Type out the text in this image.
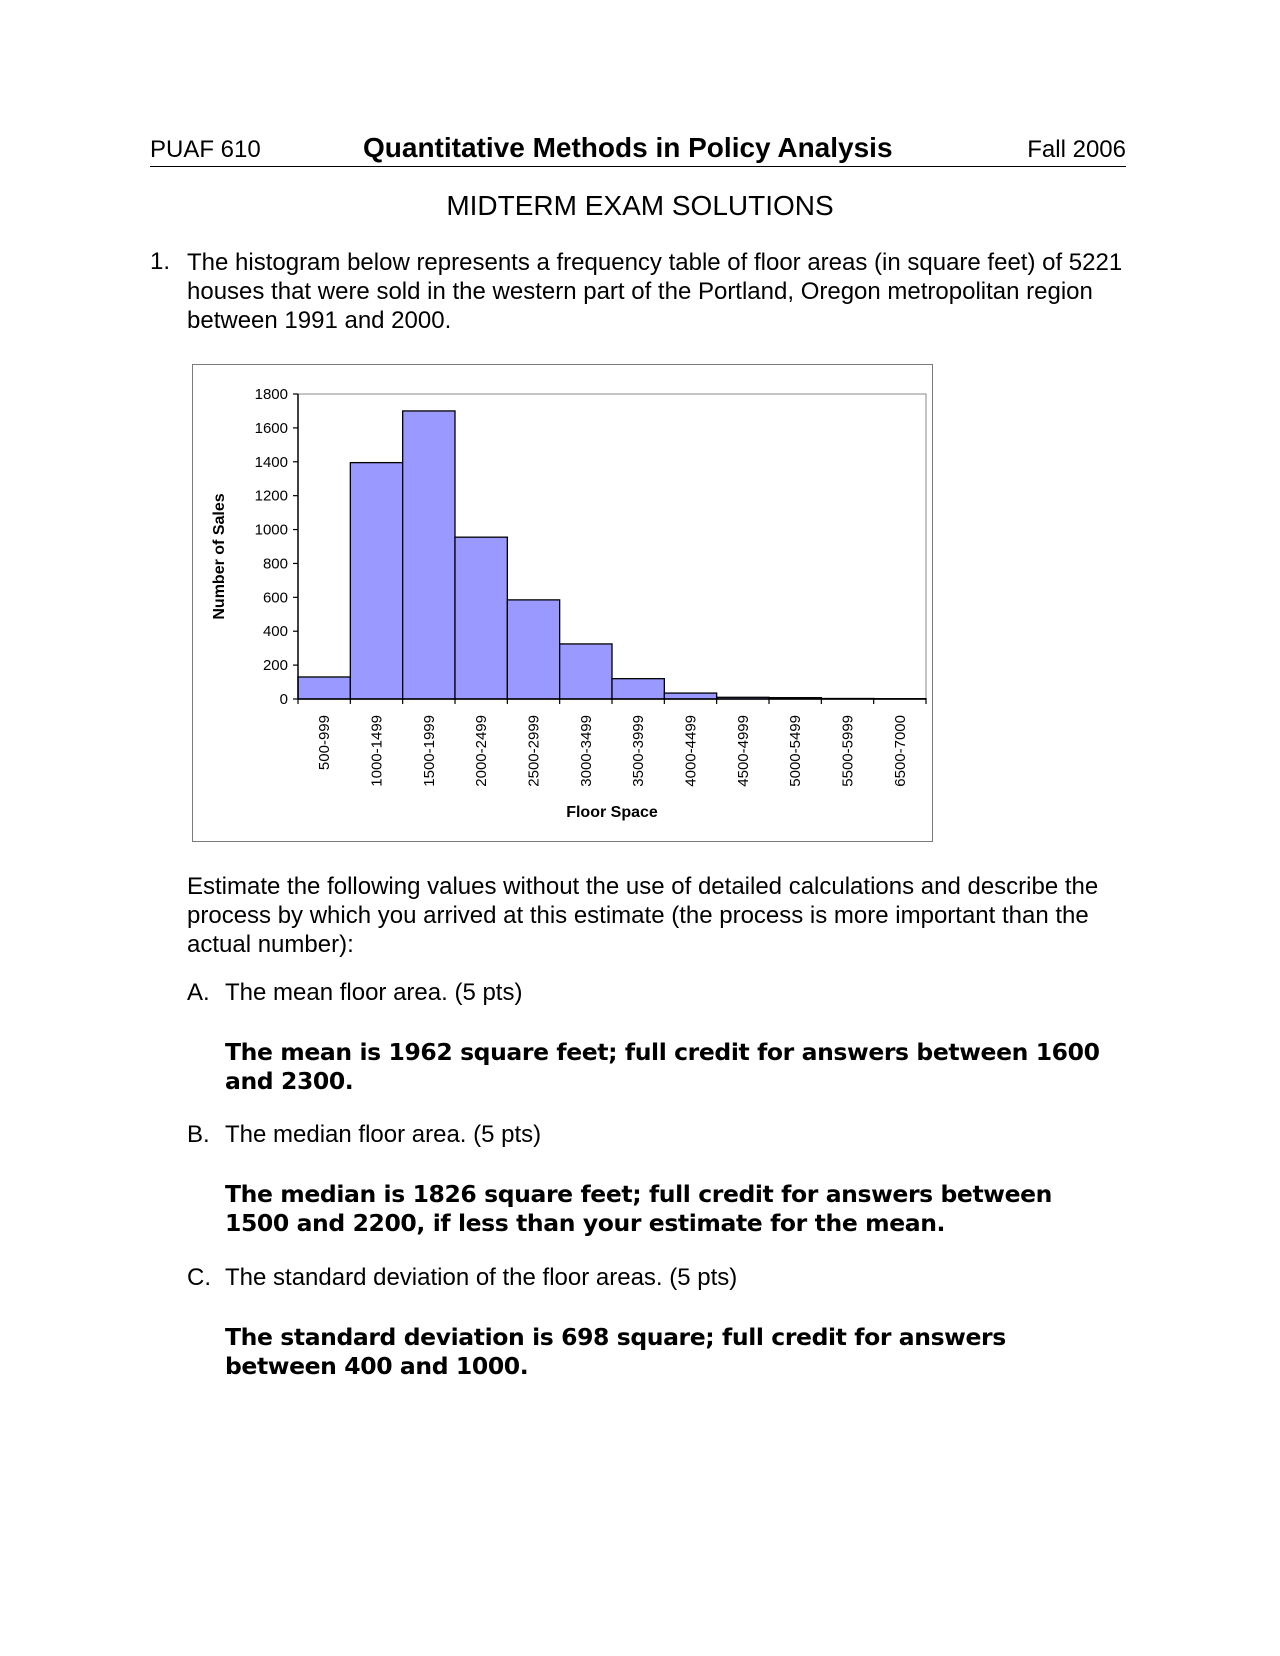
PUAF 610	Quantitative Methods in Policy Analysis	Fall 2006
MIDTERM EXAM SOLUTIONS
1. The histogram below represents a frequency table of floor areas (in square feet) of 5221 houses that were sold in the western part of the Portland, Oregon metropolitan region between 1991 and 2000.
0
200
400
600
800
1000
1200
1400
1600
1800
500-999 1000-1499 1500-1999 2000-2499 2500-2999 3000-3499 3500-3999 4000-4499 4500-4999 5000-5499 5500-5999 6500-7000
Floor Space
Number of Sales
Estimate the following values without the use of detailed calculations and describe the process by which you arrived at this estimate (the process is more important than the actual number):
A. The mean floor area. (5 pts)
The mean is 1962 square feet; full credit for answers between 1600 and 2300.
B. The median floor area. (5 pts)
The median is 1826 square feet; full credit for answers between 1500 and 2200, if less than your estimate for the mean.
C. The standard deviation of the floor areas. (5 pts)
The standard deviation is 698 square; full credit for answers between 400 and 1000.
